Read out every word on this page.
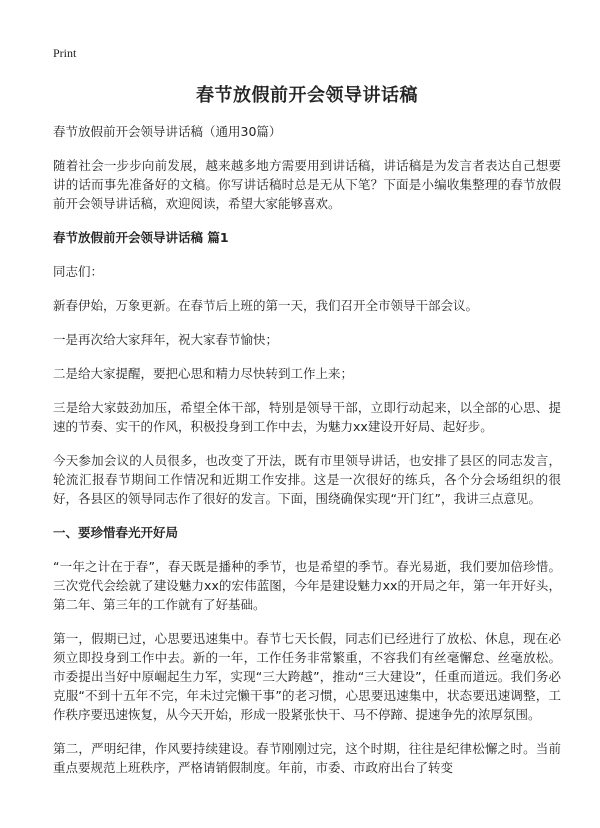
Print
春节放假前开会领导讲话稿

春节放假前开会领导讲话稿（通用30篇）

随着社会一步步向前发展，越来越多地方需要用到讲话稿，讲话稿是为发言者表达自己想要讲的话而事先准备好的文稿。你写讲话稿时总是无从下笔？下面是小编收集整理的春节放假前开会领导讲话稿，欢迎阅读，希望大家能够喜欢。

春节放假前开会领导讲话稿 篇1

同志们：

新春伊始，万象更新。在春节后上班的第一天，我们召开全市领导干部会议。

一是再次给大家拜年，祝大家春节愉快；

二是给大家提醒，要把心思和精力尽快转到工作上来；

三是给大家鼓劲加压，希望全体干部，特别是领导干部，立即行动起来，以全部的心思、提速的节奏、实干的作风，积极投身到工作中去，为魅力xx建设开好局、起好步。

今天参加会议的人员很多，也改变了开法，既有市里领导讲话，也安排了县区的同志发言，轮流汇报春节期间工作情况和近期工作安排。这是一次很好的练兵，各个分会场组织的很好，各县区的领导同志作了很好的发言。下面，围绕确保实现“开门红”，我讲三点意见。

一、要珍惜春光开好局

“一年之计在于春”，春天既是播种的季节，也是希望的季节。春光易逝，我们要加倍珍惜。三次党代会绘就了建设魅力xx的宏伟蓝图，今年是建设魅力xx的开局之年，第一年开好头，第二年、第三年的工作就有了好基础。

第一，假期已过，心思要迅速集中。春节七天长假，同志们已经进行了放松、休息，现在必须立即投身到工作中去。新的一年，工作任务非常繁重，不容我们有丝毫懈怠、丝毫放松。市委提出当好中原崛起生力军，实现“三大跨越”，推动“三大建设”，任重而道远。我们务必克服“不到十五年不完，年未过完懒干事”的老习惯，心思要迅速集中，状态要迅速调整，工作秩序要迅速恢复，从今天开始，形成一股紧张快干、马不停蹄、提速争先的浓厚氛围。

第二，严明纪律，作风要持续建设。春节刚刚过完，这个时期，往往是纪律松懈之时。当前重点要规范上班秩序，严格请销假制度。年前，市委、市政府出台了转变
